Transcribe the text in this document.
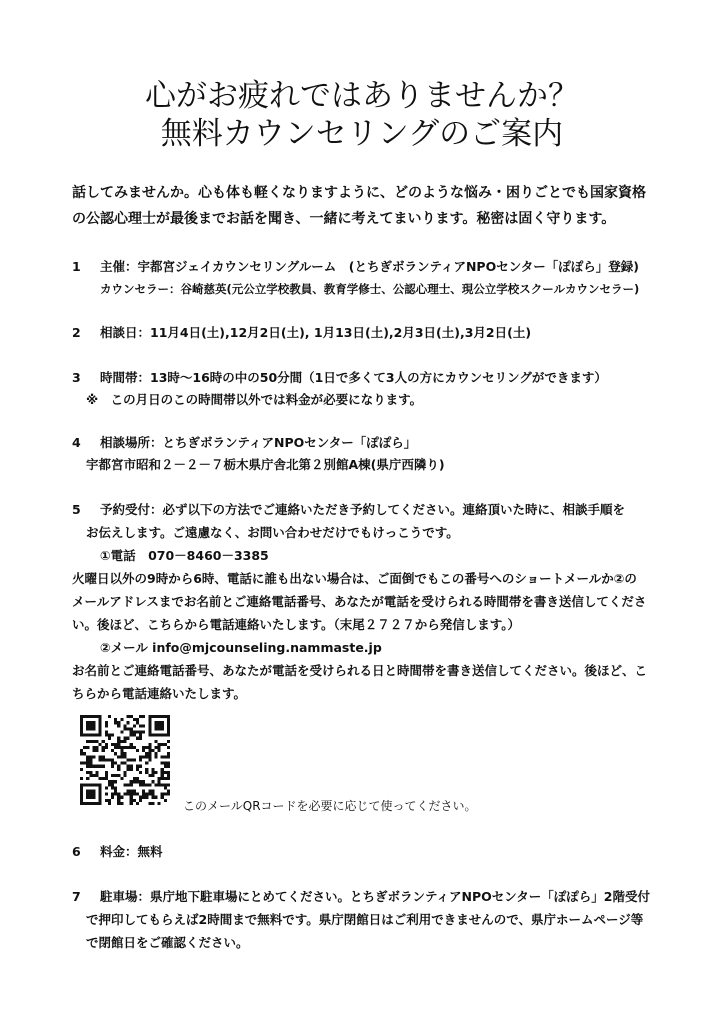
心がお疲れではありませんか？
無料カウンセリングのご案内
話してみませんか。心も体も軽くなりますように、どのような悩み・困りごとでも国家資格
の公認心理士が最後までお話を聞き、一緒に考えてまいります。秘密は固く守ります。
1 主催：宇都宮ジェイカウンセリングルーム　(とちぎボランティアNPOセンター「ぽぽら」登録)
カウンセラー：谷崎慈英(元公立学校教員、教育学修士、公認心理士、現公立学校スクールカウンセラー)
2 相談日：11月4日(土),12月2日(土), 1月13日(土),2月3日(土),3月2日(土)
3 時間帯：13時～16時の中の50分間（1日で多くて3人の方にカウンセリングができます）
※　この月日のこの時間帯以外では料金が必要になります。
4 相談場所：とちぎボランティアNPOセンター「ぽぽら」
宇都宮市昭和２－２－７栃木県庁舎北第２別館A棟(県庁西隣り)
5 予約受付：必ず以下の方法でご連絡いただき予約してください。連絡頂いた時に、相談手順を
お伝えします。ご遠慮なく、お問い合わせだけでもけっこうです。
①電話　070－8460－3385
火曜日以外の9時から6時、電話に誰も出ない場合は、ご面倒でもこの番号へのショートメールか②の
メールアドレスまでお名前とご連絡電話番号、あなたが電話を受けられる時間帯を書き送信してくださ
い。後ほど、こちらから電話連絡いたします。（末尾２７２７から発信します。）
②メール info@mjcounseling.nammaste.jp
お名前とご連絡電話番号、あなたが電話を受けられる日と時間帯を書き送信してください。後ほど、こ
ちらから電話連絡いたします。
このメールQRコードを必要に応じて使ってください。
6 料金：無料
7 駐車場：県庁地下駐車場にとめてください。とちぎボランティアNPOセンター「ぽぽら」2階受付
で押印してもらえば2時間まで無料です。県庁閉館日はご利用できませんので、県庁ホームページ等
で閉館日をご確認ください。
